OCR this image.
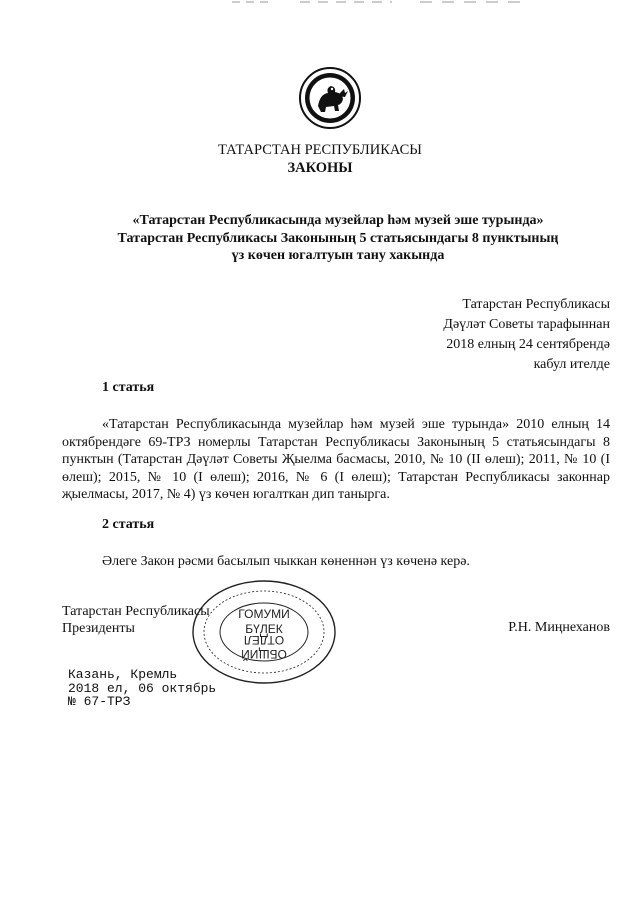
ТАТАРСТАН РЕСПУБЛИКАСЫ
ЗАКОНЫ
«Татарстан Республикасында музейлар һәм музей эше турында»
Татарстан Республикасы Законының 5 статьясындагы 8 пунктының
үз көчен югалтуын тану хакында
Татарстан Республикасы
Дәүләт Советы тарафыннан
2018 елның 24 сентябрендә
кабул ителде
1 статья
«Татарстан Республикасында музейлар һәм музей эше турында» 2010 елның 14 октябрендәге 69-ТРЗ номерлы Татарстан Республикасы Законының 5 статьясындагы 8 пунктын (Татарстан Дәүләт Советы Җыелма басмасы, 2010, № 10 (II өлеш); 2011, № 10 (I өлеш); 2015, № 10 (I өлеш); 2016, № 6 (I өлеш); Татарстан Республикасы законнар җыелмасы, 2017, № 4) үз көчен югалткан дип танырга.
2 статья
Әлеге Закон рәсми басылып чыккан көненнән үз көченә керә.
Татарстан Республикасы
Президенты	Р.Н. Миңнеханов
ГОМУМИ
БҮЛЕК
ОТДЕЛ
ОБЩИЙ
Казань, Кремль
2018 ел, 06 октябрь
№ 67-ТРЗ
